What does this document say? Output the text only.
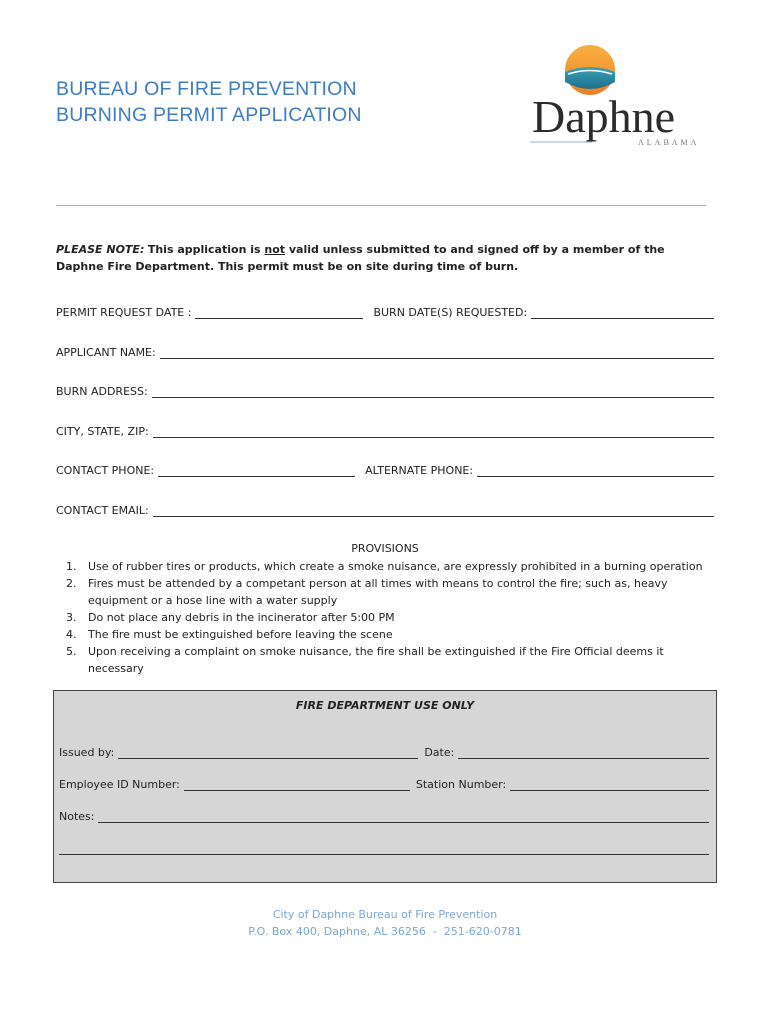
BUREAU OF FIRE PREVENTION
BURNING PERMIT APPLICATION	Daphne
ALABAMA
PLEASE NOTE: This application is not valid unless submitted to and signed off by a member of the Daphne Fire Department. This permit must be on site during time of burn.
PERMIT REQUEST DATE :	BURN DATE(S) REQUESTED:
APPLICANT NAME:
BURN ADDRESS:
CITY, STATE, ZIP:
CONTACT PHONE:	ALTERNATE PHONE:
CONTACT EMAIL:
PROVISIONS
1.	Use of rubber tires or products, which create a smoke nuisance, are expressly prohibited in a burning operation
2.	Fires must be attended by a competant person at all times with means to control the fire; such as, heavy equipment or a hose line with a water supply
3.	Do not place any debris in the incinerator after 5:00 PM
4.	The fire must be extinguished before leaving the scene
5.	Upon receiving a complaint on smoke nuisance, the fire shall be extinguished if the Fire Official deems it necessary
FIRE DEPARTMENT USE ONLY
Issued by:	Date:
Employee ID Number:	Station Number:
Notes:
City of Daphne Bureau of Fire Prevention
P.O. Box 400, Daphne, AL 36256  -  251-620-0781
